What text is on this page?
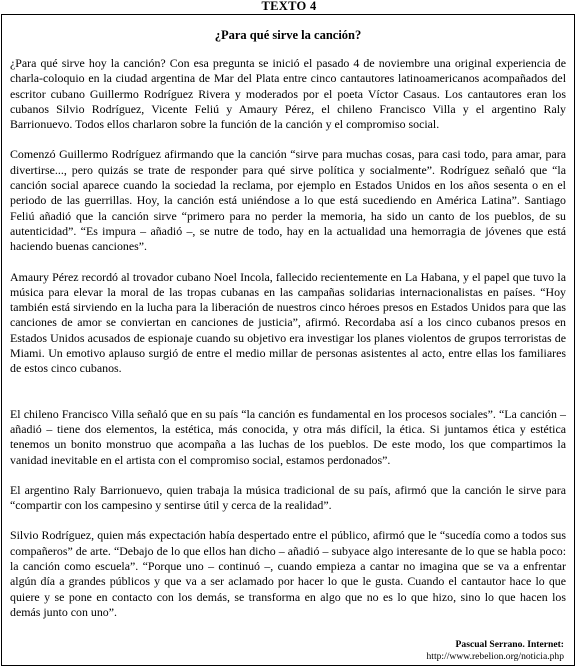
TEXTO 4
¿Para qué sirve la canción?

¿Para qué sirve hoy la canción? Con esa pregunta se inició el pasado 4 de noviembre una original experiencia de charla-coloquio en la ciudad argentina de Mar del Plata entre cinco cantautores latinoamericanos acompañados del escritor cubano Guillermo Rodríguez Rivera y moderados por el poeta Víctor Casaus. Los cantautores eran los cubanos Silvio Rodríguez, Vicente Feliú y Amaury Pérez, el chileno Francisco Villa y el argentino Raly Barrionuevo. Todos ellos charlaron sobre la función de la canción y el compromiso social.

Comenzó Guillermo Rodríguez afirmando que la canción “sirve para muchas cosas, para casi todo, para amar, para divertirse..., pero quizás se trate de responder para qué sirve política y socialmente”. Rodríguez señaló que “la canción social aparece cuando la sociedad la reclama, por ejemplo en Estados Unidos en los años sesenta o en el periodo de las guerrillas. Hoy, la canción está uniéndose a lo que está sucediendo en América Latina”. Santiago Feliú añadió que la canción sirve “primero para no perder la memoria, ha sido un canto de los pueblos, de su autenticidad”. “Es impura – añadió –, se nutre de todo, hay en la actualidad una hemorragia de jóvenes que está haciendo buenas canciones”.

Amaury Pérez recordó al trovador cubano Noel Incola, fallecido recientemente en La Habana, y el papel que tuvo la música para elevar la moral de las tropas cubanas en las campañas solidarias internacionalistas en países. “Hoy también está sirviendo en la lucha para la liberación de nuestros cinco héroes presos en Estados Unidos para que las canciones de amor se conviertan en canciones de justicia”, afirmó. Recordaba así a los cinco cubanos presos en Estados Unidos acusados de espionaje cuando su objetivo era investigar los planes violentos de grupos terroristas de Miami. Un emotivo aplauso surgió de entre el medio millar de personas asistentes al acto, entre ellas los familiares de estos cinco cubanos.

El chileno Francisco Villa señaló que en su país “la canción es fundamental en los procesos sociales”. “La canción – añadió – tiene dos elementos, la estética, más conocida, y otra más difícil, la ética. Si juntamos ética y estética tenemos un bonito monstruo que acompaña a las luchas de los pueblos. De este modo, los que compartimos la vanidad inevitable en el artista con el compromiso social, estamos perdonados”.

El argentino Raly Barrionuevo, quien trabaja la música tradicional de su país, afirmó que la canción le sirve para “compartir con los campesino y sentirse útil y cerca de la realidad”.

Silvio Rodríguez, quien más expectación había despertado entre el público, afirmó que le “sucedía como a todos sus compañeros” de arte. “Debajo de lo que ellos han dicho – añadió – subyace algo interesante de lo que se habla poco: la canción como escuela”. “Porque uno – continuó –, cuando empieza a cantar no imagina que se va a enfrentar algún día a grandes públicos y que va a ser aclamado por hacer lo que le gusta. Cuando el cantautor hace lo que quiere y se pone en contacto con los demás, se transforma en algo que no es lo que hizo, sino lo que hacen los demás junto con uno”.

Pascual Serrano. Internet:
http://www.rebelion.org/noticia.php
